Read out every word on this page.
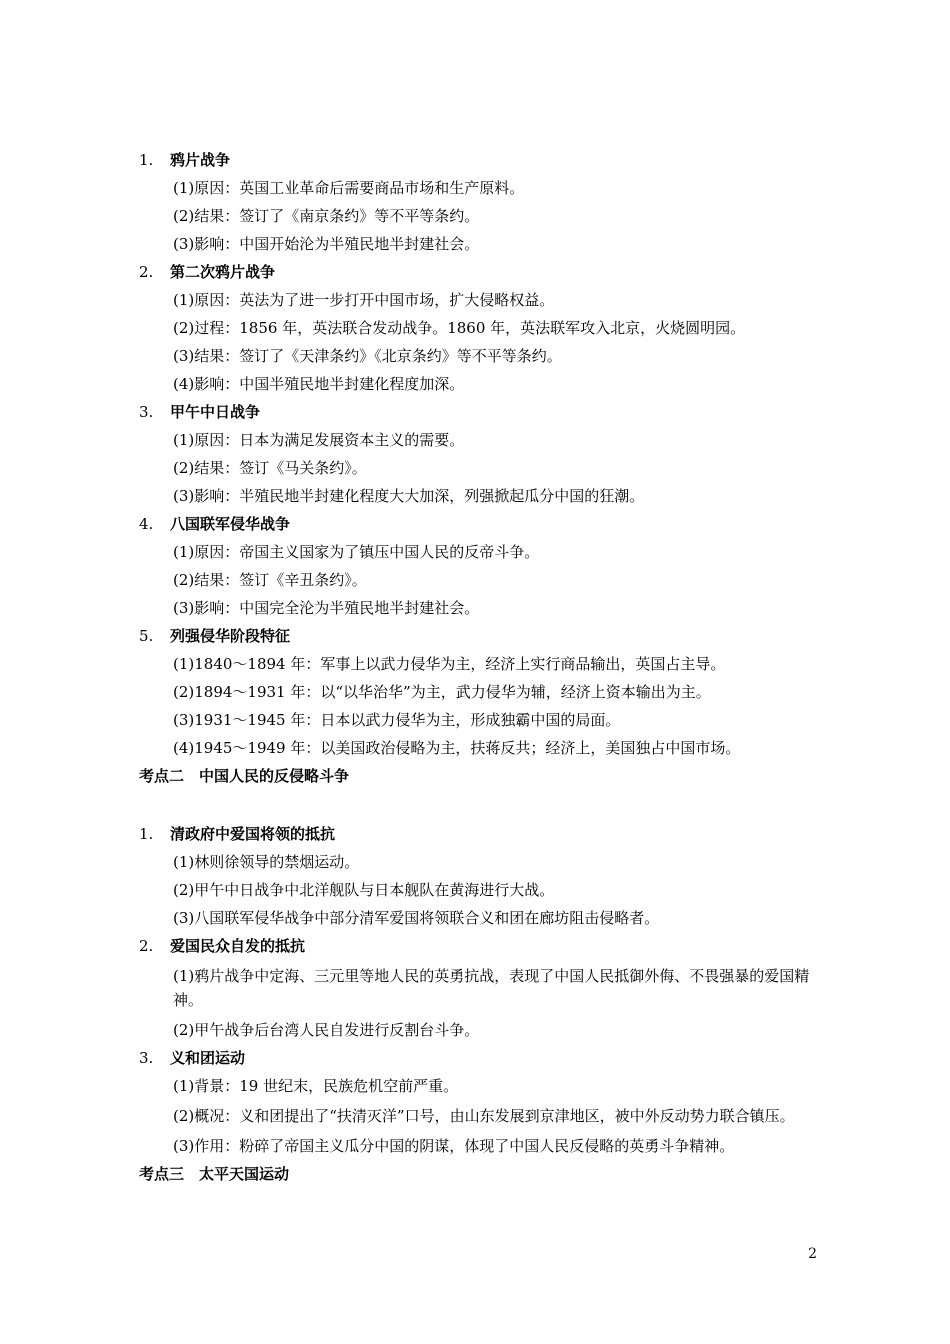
1.	鸦片战争
(1)原因：英国工业革命后需要商品市场和生产原料。
(2)结果：签订了《南京条约》等不平等条约。
(3)影响：中国开始沦为半殖民地半封建社会。
2.	第二次鸦片战争
(1)原因：英法为了进一步打开中国市场，扩大侵略权益。
(2)过程：1856 年，英法联合发动战争。1860 年，英法联军攻入北京，火烧圆明园。
(3)结果：签订了《天津条约》《北京条约》等不平等条约。
(4)影响：中国半殖民地半封建化程度加深。
3.	甲午中日战争
(1)原因：日本为满足发展资本主义的需要。
(2)结果：签订《马关条约》。
(3)影响：半殖民地半封建化程度大大加深，列强掀起瓜分中国的狂潮。
4.	八国联军侵华战争
(1)原因：帝国主义国家为了镇压中国人民的反帝斗争。
(2)结果：签订《辛丑条约》。
(3)影响：中国完全沦为半殖民地半封建社会。
5.	列强侵华阶段特征
(1)1840～1894 年：军事上以武力侵华为主，经济上实行商品输出，英国占主导。
(2)1894～1931 年：以“以华治华”为主，武力侵华为辅，经济上资本输出为主。
(3)1931～1945 年：日本以武力侵华为主，形成独霸中国的局面。
(4)1945～1949 年：以美国政治侵略为主，扶蒋反共；经济上，美国独占中国市场。
考点二　中国人民的反侵略斗争
1.	清政府中爱国将领的抵抗
(1)林则徐领导的禁烟运动。
(2)甲午中日战争中北洋舰队与日本舰队在黄海进行大战。
(3)八国联军侵华战争中部分清军爱国将领联合义和团在廊坊阻击侵略者。
2.	爱国民众自发的抵抗
(1)鸦片战争中定海、三元里等地人民的英勇抗战，表现了中国人民抵御外侮、不畏强暴的爱国精神。
(2)甲午战争后台湾人民自发进行反割台斗争。
3.	义和团运动
(1)背景：19 世纪末，民族危机空前严重。
(2)概况：义和团提出了“扶清灭洋”口号，由山东发展到京津地区，被中外反动势力联合镇压。
(3)作用：粉碎了帝国主义瓜分中国的阴谋，体现了中国人民反侵略的英勇斗争精神。
考点三　太平天国运动
2
